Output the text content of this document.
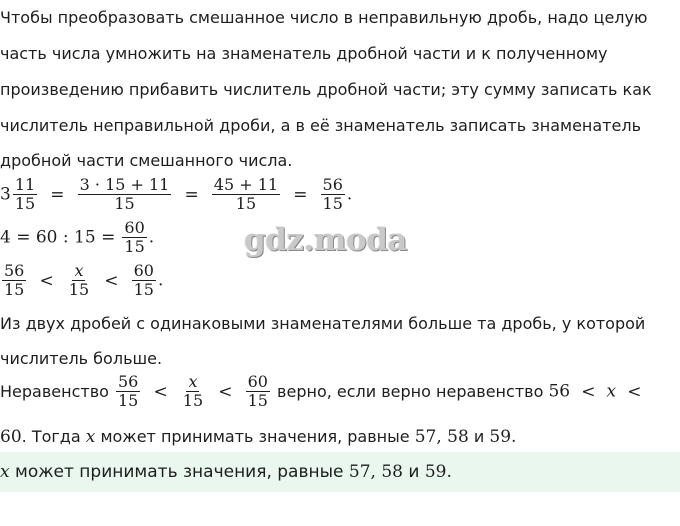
Чтобы преобразовать смешанное число в неправильную дробь, надо целую
часть числа умножить на знаменатель дробной части и к полученному
произведению прибавить числитель дробной части; эту сумму записать как
числитель неправильной дроби, а в её знаменатель записать знаменатель
дробной части смешанного числа.
$3 \frac{11}{15} = \frac{3 \cdot 15 + 11}{15} = \frac{45 + 11}{15} = \frac{56}{15}$ .
4 = 60 : $15 = \frac{60}{15}$ .	gdz.moda
$\frac{56}{15} < \frac{x}{15} < \frac{60}{15}$ .
Из двух дробей с одинаковыми знаменателями больше та дробь, у которой
числитель больше.
Неравенство $\frac{56}{15} < \frac{x}{15} < \frac{60}{15}$ верно, если верно неравенство 56 < x <
60. Тогда x может принимать значения, равные 57, 58 и 59.
x
может принимать значения, равные
57, 58
и
59 .
